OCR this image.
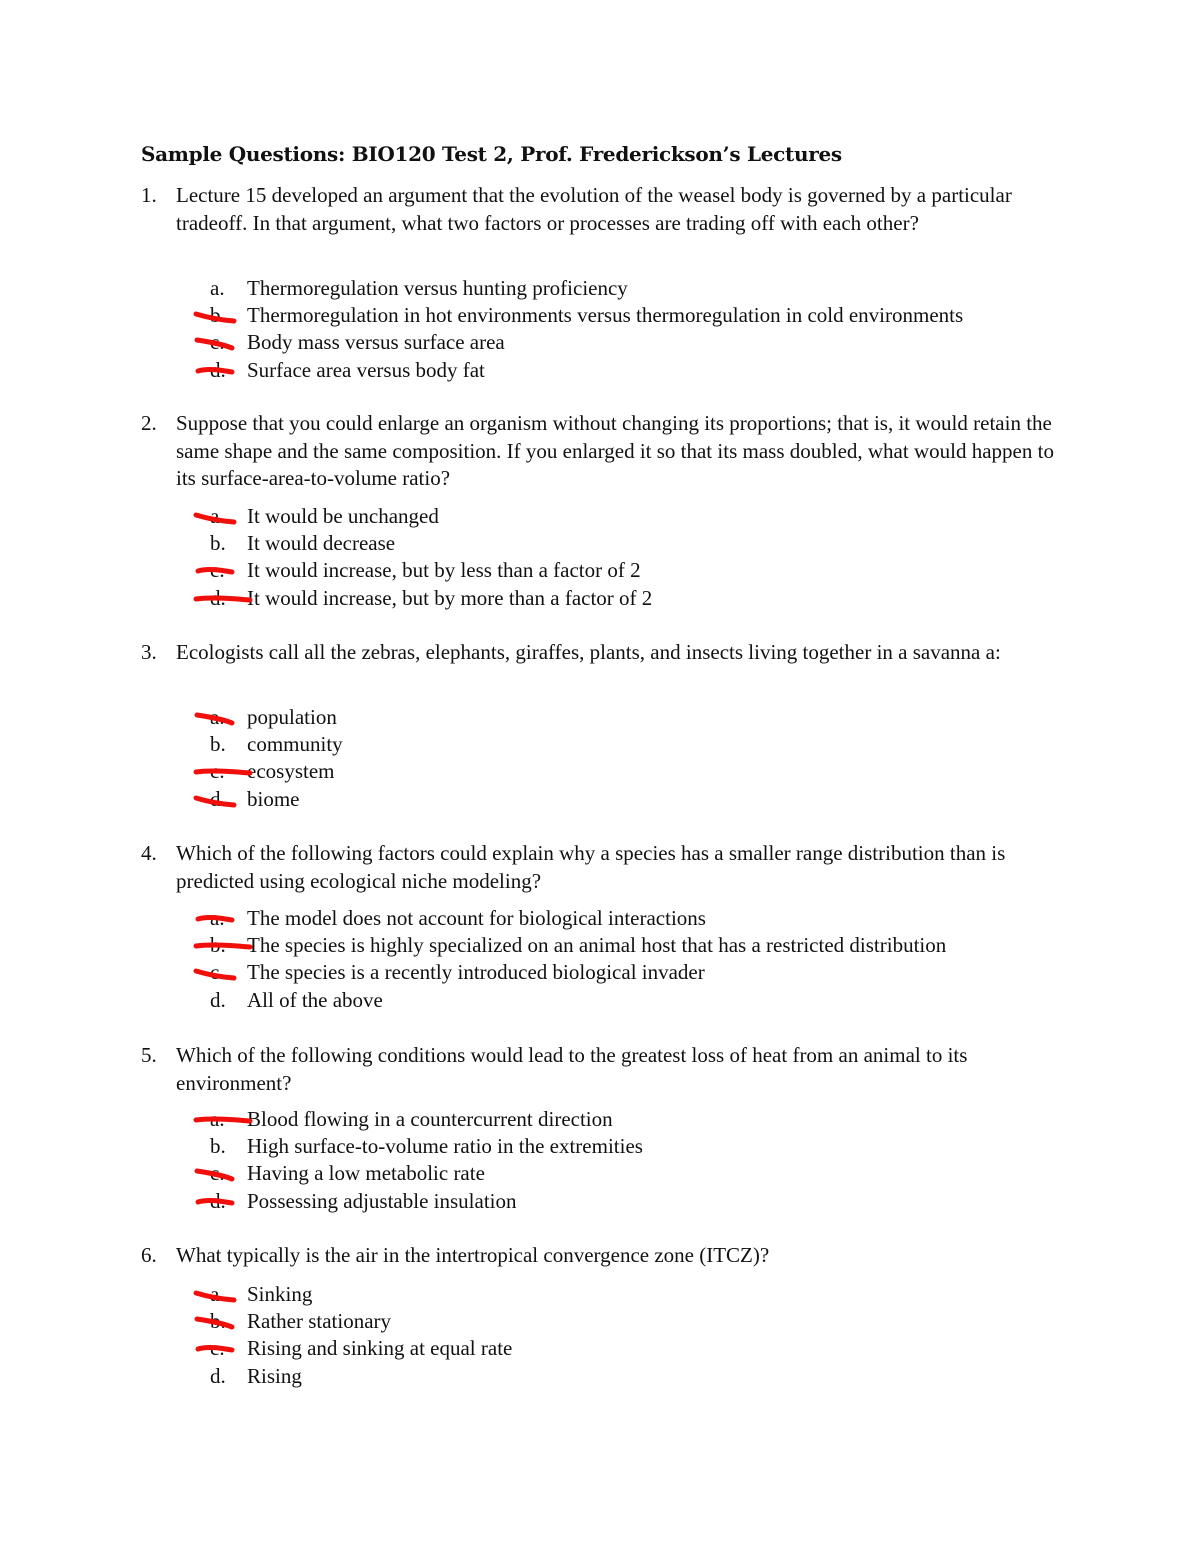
Sample Questions: BIO120 Test 2, Prof. Frederickson’s Lectures
1. Lecture 15 developed an argument that the evolution of the weasel body is governed by a particular tradeoff. In that argument, what two factors or processes are trading off with each other?
a. Thermoregulation versus hunting proficiency
b. Thermoregulation in hot environments versus thermoregulation in cold environments
c. Body mass versus surface area
d. Surface area versus body fat
2. Suppose that you could enlarge an organism without changing its proportions; that is, it would retain the same shape and the same composition. If you enlarged it so that its mass doubled, what would happen to its surface-area-to-volume ratio?
a. It would be unchanged
b. It would decrease
c. It would increase, but by less than a factor of 2
d. It would increase, but by more than a factor of 2
3. Ecologists call all the zebras, elephants, giraffes, plants, and insects living together in a savanna a:
a. population
b. community
c. ecosystem
d. biome
4. Which of the following factors could explain why a species has a smaller range distribution than is predicted using ecological niche modeling?
a. The model does not account for biological interactions
b. The species is highly specialized on an animal host that has a restricted distribution
c. The species is a recently introduced biological invader
d. All of the above
5. Which of the following conditions would lead to the greatest loss of heat from an animal to its environment?
a. Blood flowing in a countercurrent direction
b. High surface-to-volume ratio in the extremities
c. Having a low metabolic rate
d. Possessing adjustable insulation
6. What typically is the air in the intertropical convergence zone (ITCZ)?
a. Sinking
b. Rather stationary
c. Rising and sinking at equal rate
d. Rising
